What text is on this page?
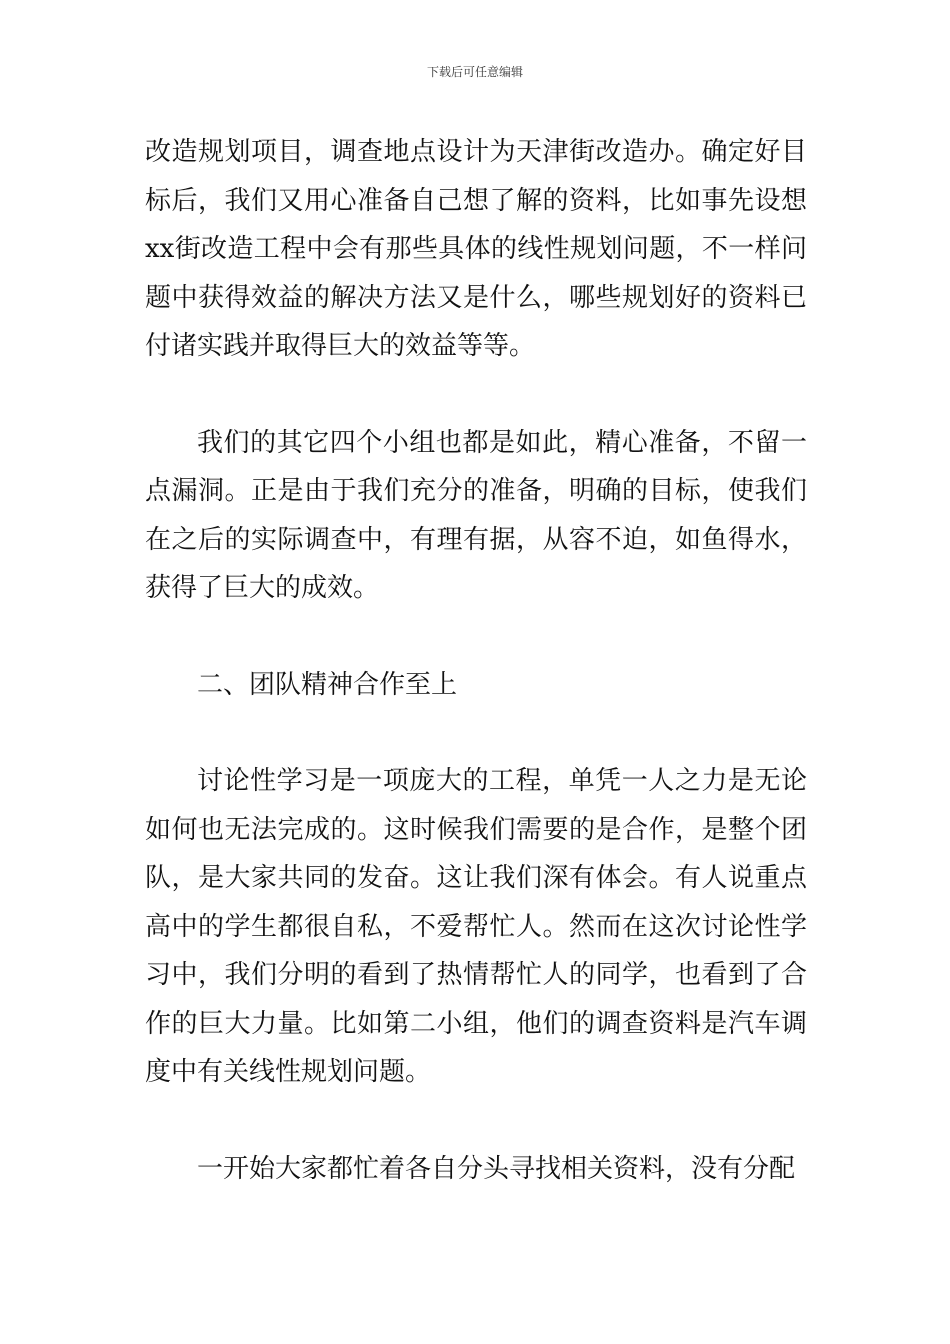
下载后可任意编辑

改造规划项目，调查地点设计为天津街改造办。确定好目标后，我们又用心准备自己想了解的资料，比如事先设想xx街改造工程中会有那些具体的线性规划问题，不一样问题中获得效益的解决方法又是什么，哪些规划好的资料已付诸实践并取得巨大的效益等等。

我们的其它四个小组也都是如此，精心准备，不留一点漏洞。正是由于我们充分的准备，明确的目标，使我们在之后的实际调查中，有理有据，从容不迫，如鱼得水，获得了巨大的成效。

二、团队精神合作至上

讨论性学习是一项庞大的工程，单凭一人之力是无论如何也无法完成的。这时候我们需要的是合作，是整个团队，是大家共同的发奋。这让我们深有体会。有人说重点高中的学生都很自私，不爱帮忙人。然而在这次讨论性学习中，我们分明的看到了热情帮忙人的同学，也看到了合作的巨大力量。比如第二小组，他们的调查资料是汽车调度中有关线性规划问题。

一开始大家都忙着各自分头寻找相关资料，没有分配
